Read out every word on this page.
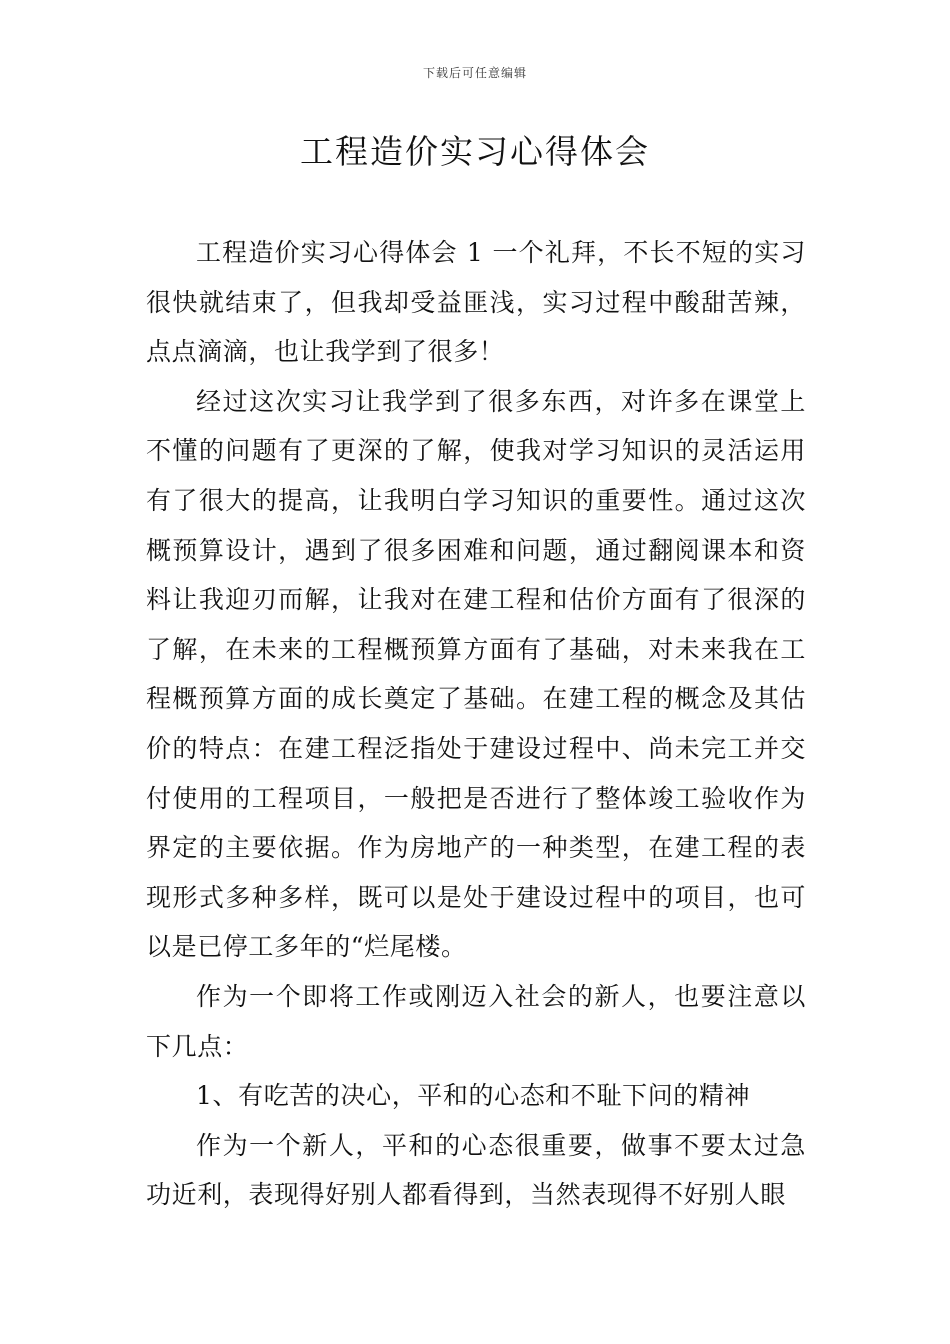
下载后可任意编辑
工程造价实习心得体会

工程造价实习心得体会 1 一个礼拜，不长不短的实习很快就结束了，但我却受益匪浅，实习过程中酸甜苦辣，点点滴滴，也让我学到了很多！

经过这次实习让我学到了很多东西，对许多在课堂上不懂的问题有了更深的了解，使我对学习知识的灵活运用有了很大的提高，让我明白学习知识的重要性。通过这次概预算设计，遇到了很多困难和问题，通过翻阅课本和资料让我迎刃而解，让我对在建工程和估价方面有了很深的了解，在未来的工程概预算方面有了基础，对未来我在工程概预算方面的成长奠定了基础。在建工程的概念及其估价的特点：在建工程泛指处于建设过程中、尚未完工并交付使用的工程项目，一般把是否进行了整体竣工验收作为界定的主要依据。作为房地产的一种类型，在建工程的表现形式多种多样，既可以是处于建设过程中的项目，也可以是已停工多年的“烂尾楼。

作为一个即将工作或刚迈入社会的新人，也要注意以下几点：

1、有吃苦的决心，平和的心态和不耻下问的精神

作为一个新人，平和的心态很重要，做事不要太过急功近利，表现得好别人都看得到，当然表现得不好别人眼
